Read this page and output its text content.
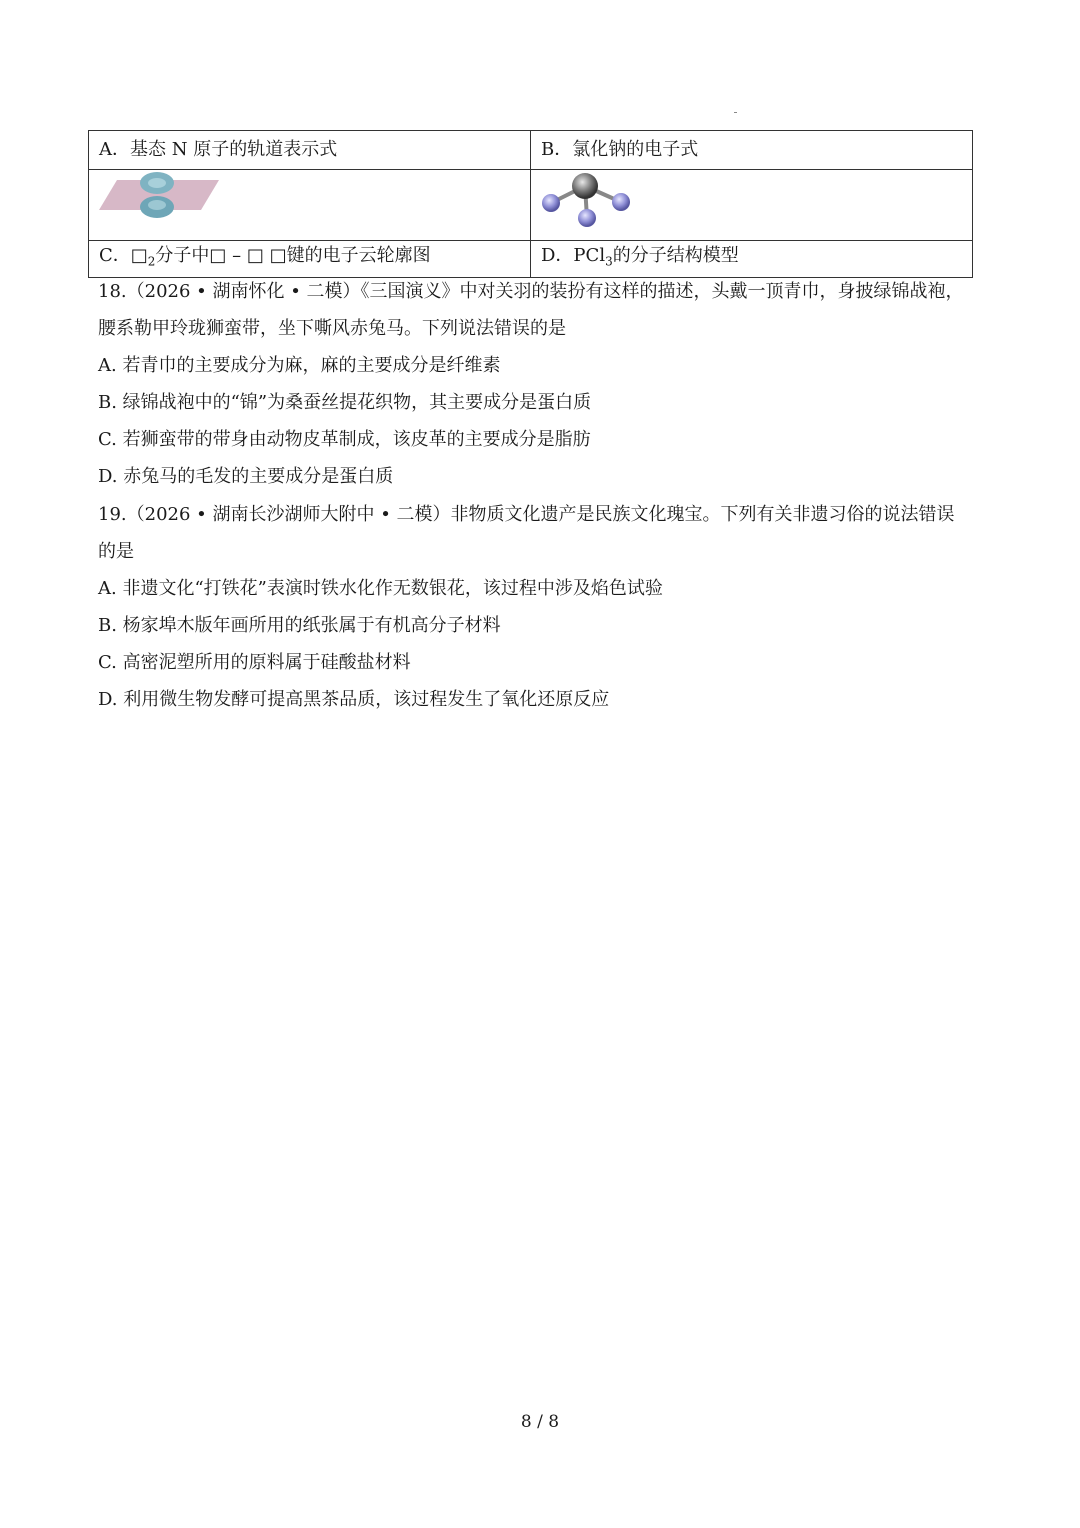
A．基态 N 原子的轨道表示式	B．氯化钠的电子式

C．$□_2$分子中□ – □ □键的电子云轮廓图	D．PCl$_3$的分子结构模型
18.（2026 • 湖南怀化 • 二模）《三国演义》中对关羽的装扮有这样的描述，头戴一顶青巾，身披绿锦战袍，
腰系勒甲玲珑狮蛮带，坐下嘶风赤兔马。下列说法错误的是
A. 若青巾的主要成分为麻，麻的主要成分是纤维素
B. 绿锦战袍中的“锦”为桑蚕丝提花织物，其主要成分是蛋白质
C. 若狮蛮带的带身由动物皮革制成，该皮革的主要成分是脂肪
D. 赤兔马的毛发的主要成分是蛋白质
19.（2026 • 湖南长沙湖师大附中 • 二模）非物质文化遗产是民族文化瑰宝。下列有关非遗习俗的说法错误
的是
A. 非遗文化“打铁花”表演时铁水化作无数银花，该过程中涉及焰色试验
B. 杨家埠木版年画所用的纸张属于有机高分子材料
C. 高密泥塑所用的原料属于硅酸盐材料
D. 利用微生物发酵可提高黑茶品质，该过程发生了氧化还原反应
8 / 8
